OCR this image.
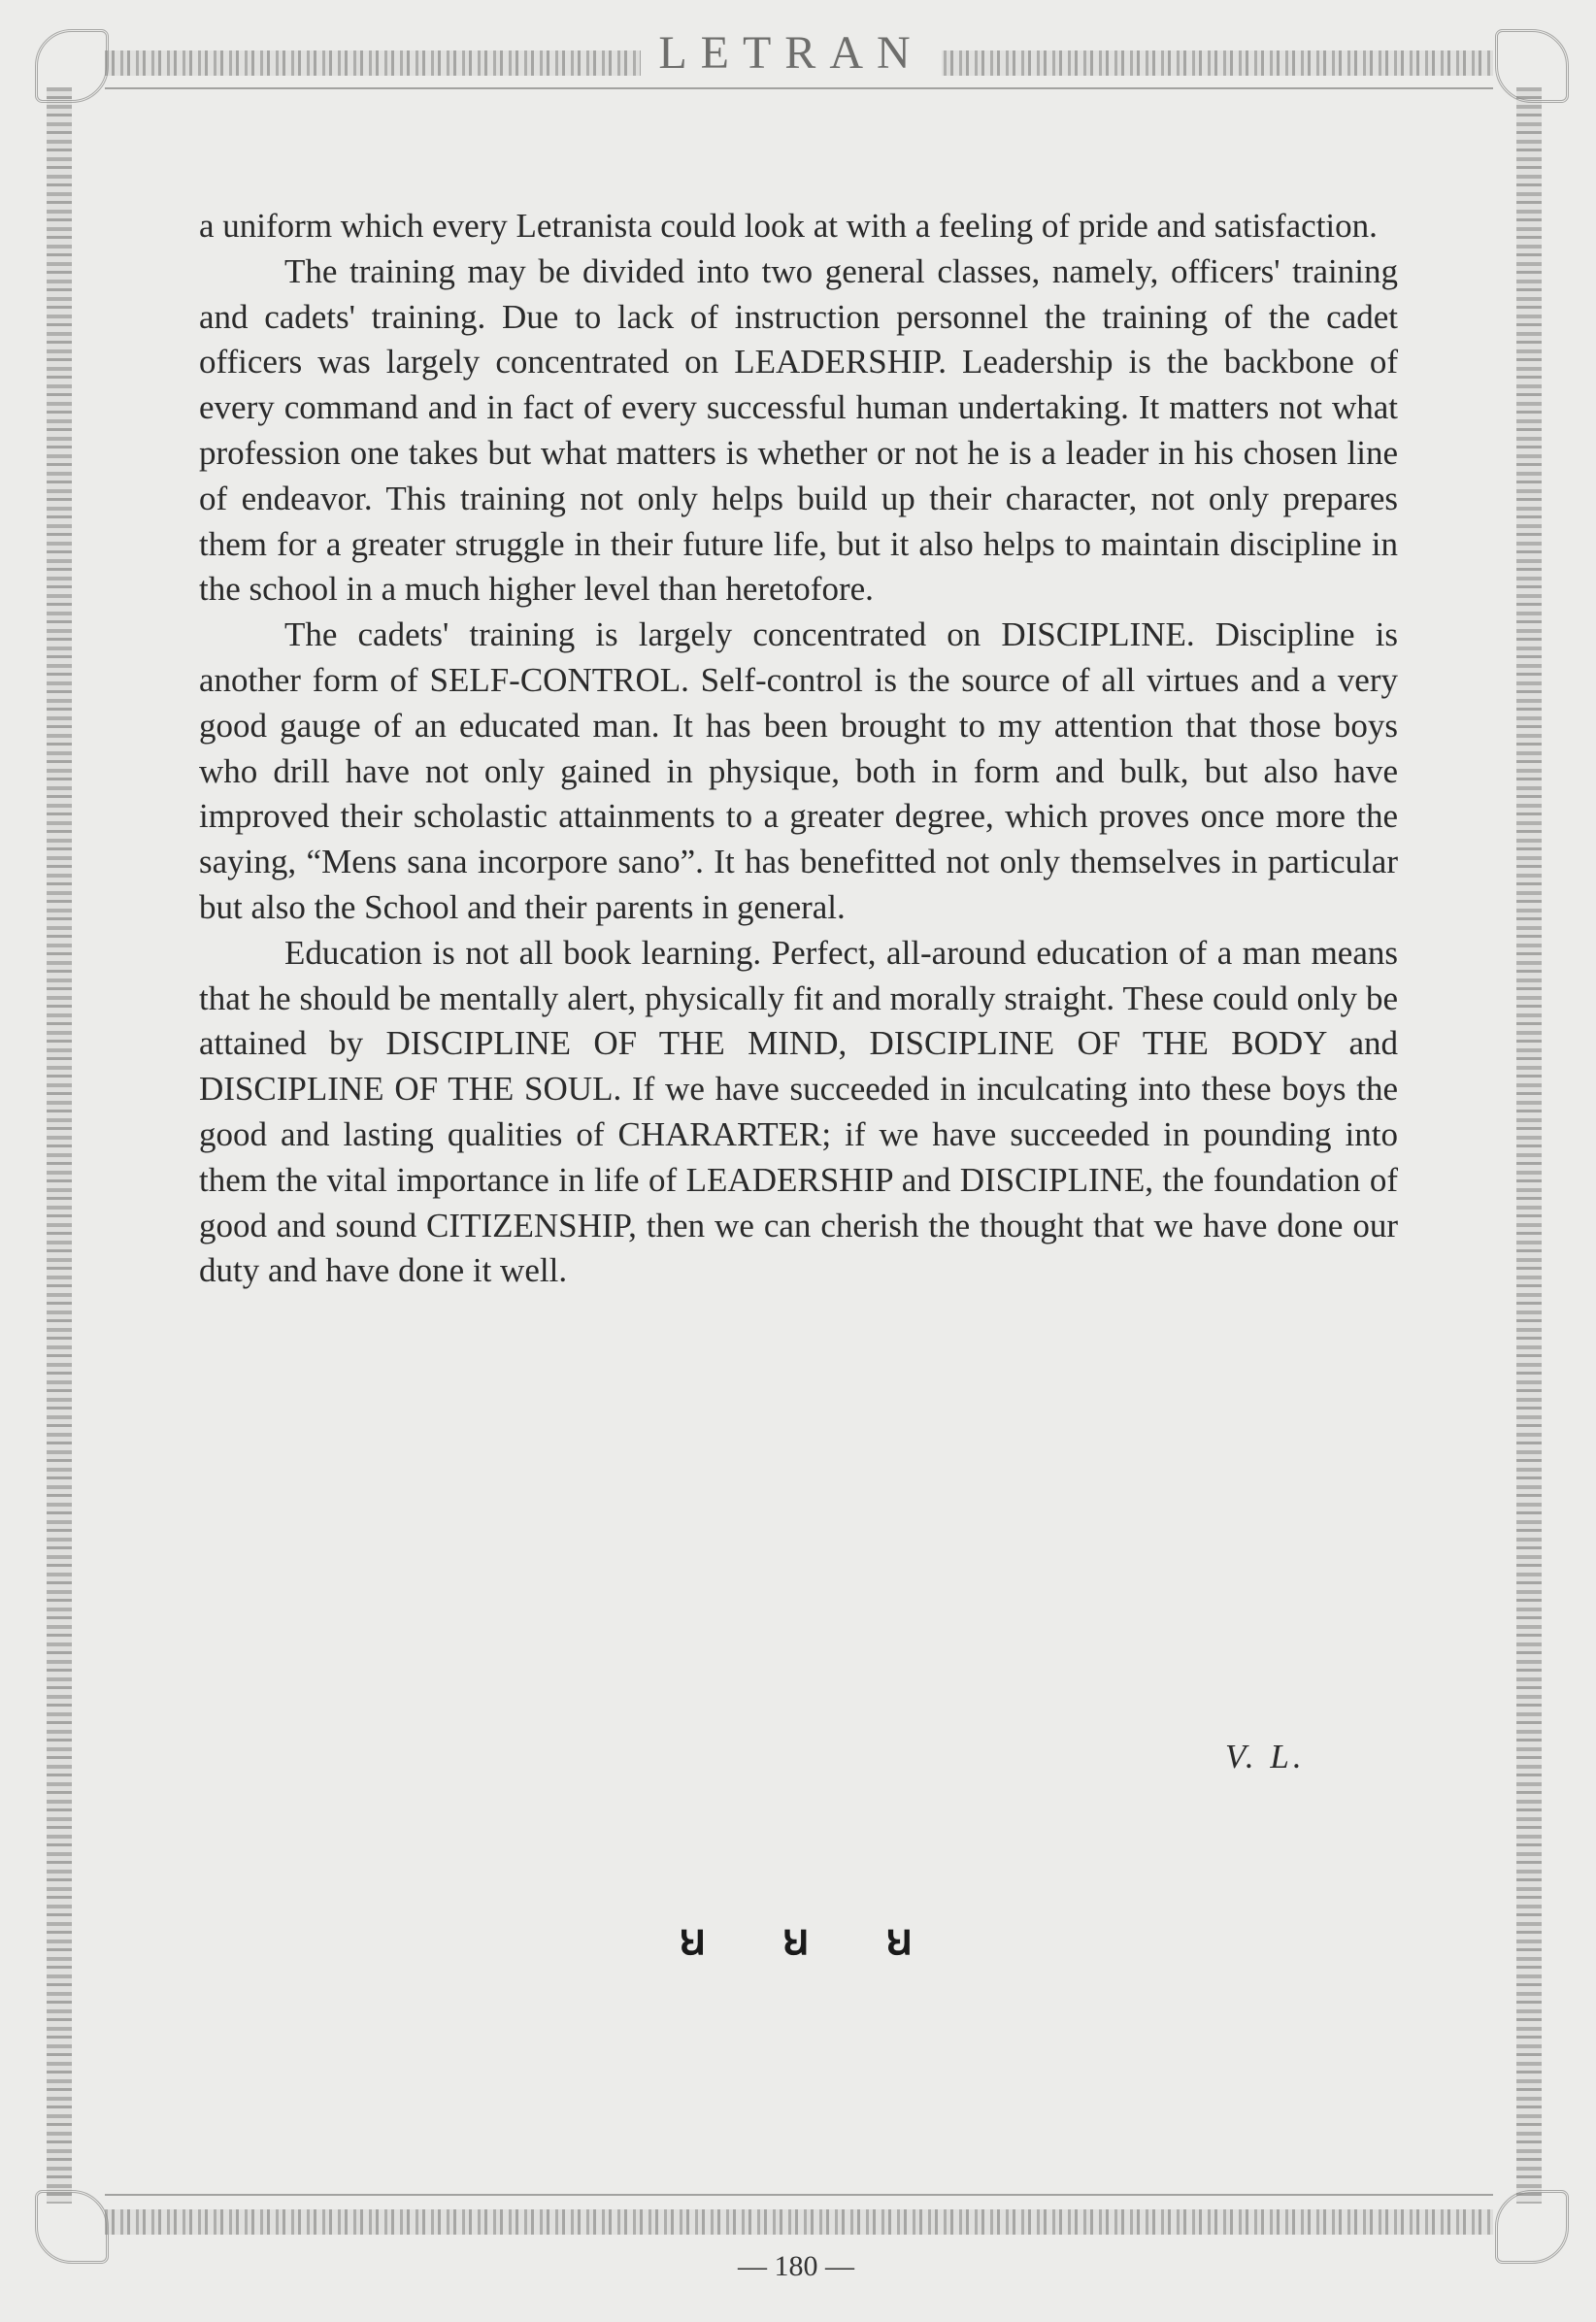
LETRAN

a uniform which every Letranista could look at with a feeling of pride and satisfaction.

The training may be divided into two general classes, namely, officers' training and cadets' training. Due to lack of instruction personnel the training of the cadet officers was largely concentrated on LEADERSHIP. Leadership is the backbone of every command and in fact of every successful human undertaking. It matters not what profession one takes but what matters is whether or not he is a leader in his chosen line of endeavor. This training not only helps build up their character, not only prepares them for a greater struggle in their future life, but it also helps to maintain discipline in the school in a much higher level than heretofore.

The cadets' training is largely concentrated on DISCIPLINE. Discipline is another form of SELF-CONTROL. Self-control is the source of all virtues and a very good gauge of an educated man. It has been brought to my attention that those boys who drill have not only gained in physique, both in form and bulk, but also have improved their scholastic attainments to a greater degree, which proves once more the saying, “Mens sana incorpore sano”. It has benefitted not only themselves in particular but also the School and their parents in general.

Education is not all book learning. Perfect, all-around education of a man means that he should be mentally alert, physically fit and morally straight. These could only be attained by DISCIPLINE OF THE MIND, DISCIPLINE OF THE BODY and DISCIPLINE OF THE SOUL. If we have succeeded in inculcating into these boys the good and lasting qualities of CHARARTER; if we have succeeded in pounding into them the vital importance in life of LEADERSHIP and DISCIPLINE, the foundation of good and sound CITIZENSHIP, then we can cherish the thought that we have done our duty and have done it well.

V. L.
ꞟ ꞟ ꞟ
— 180 —
